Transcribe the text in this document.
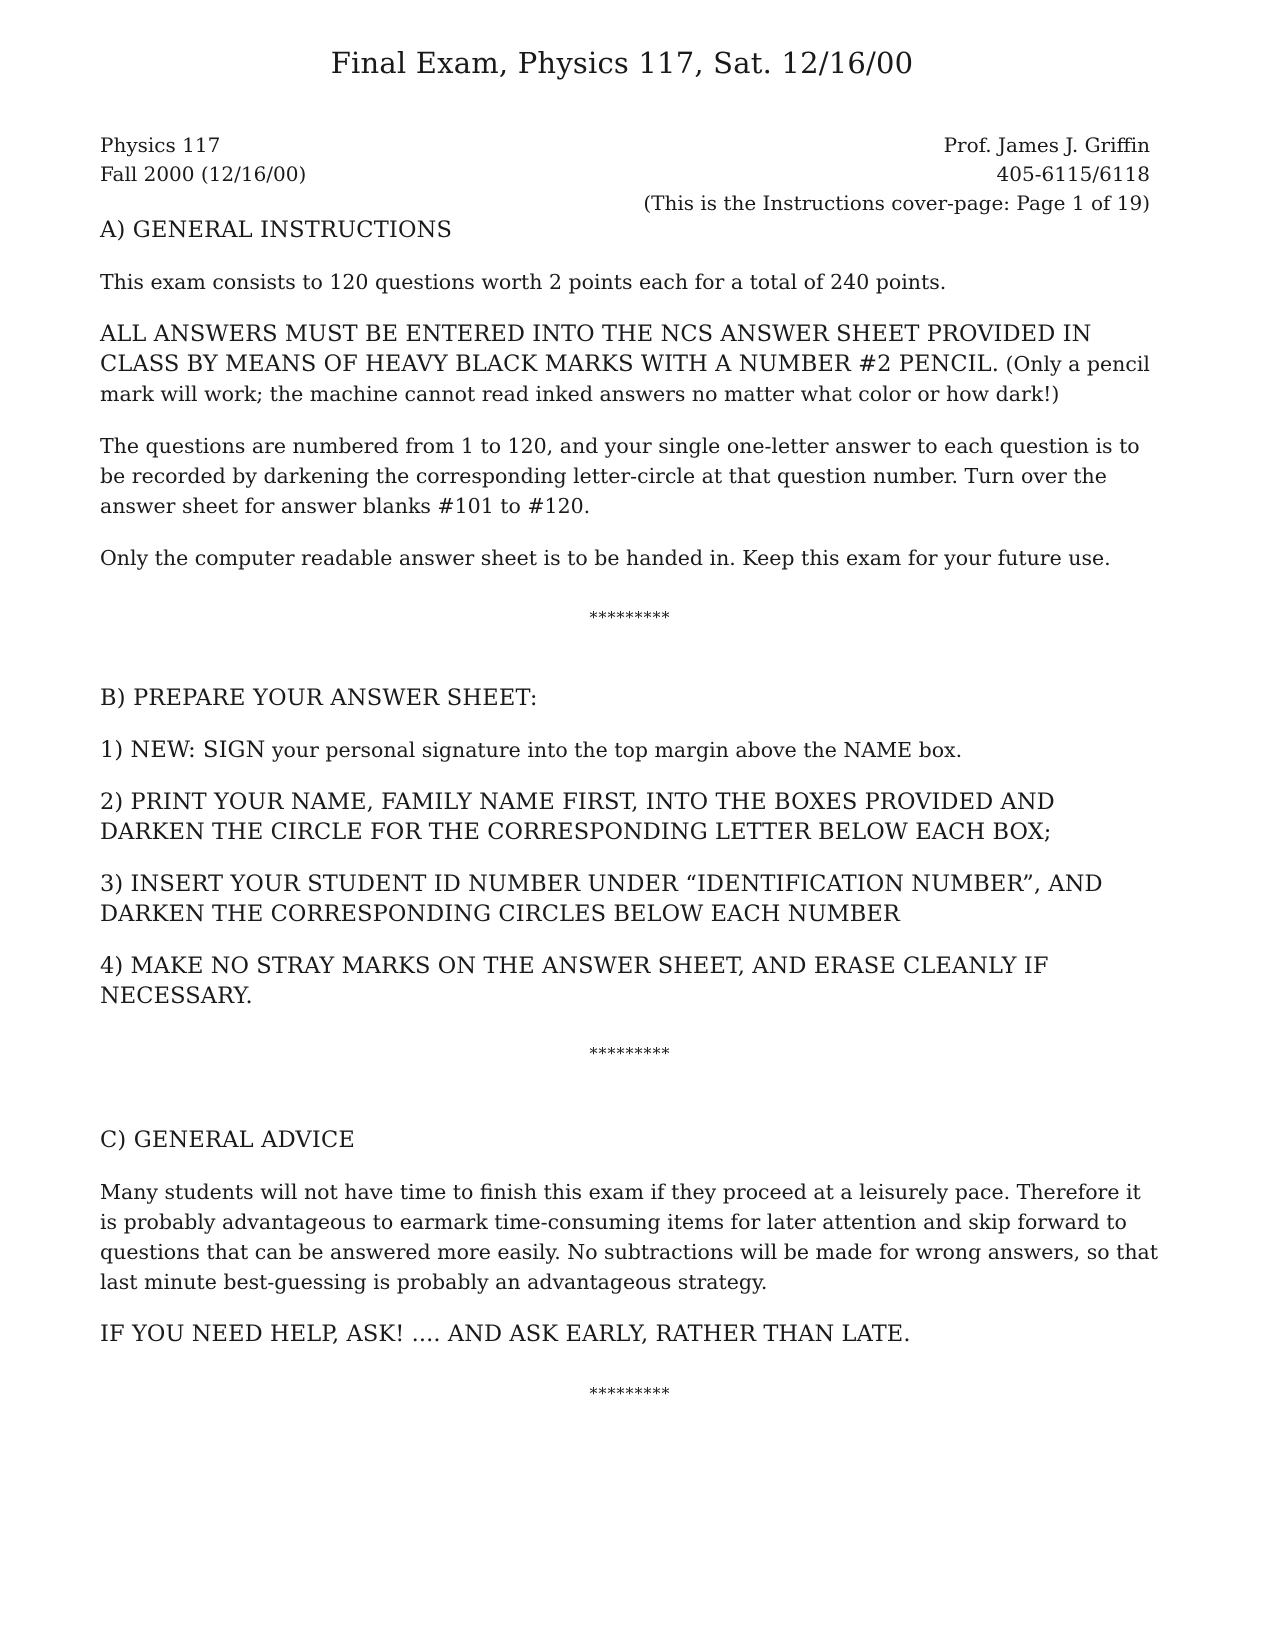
Final Exam, Physics 117, Sat. 12/16/00
Physics 117
Fall 2000 (12/16/00)
Prof. James J. Griffin
405-6115/6118
(This is the Instructions cover-page: Page 1 of 19)
A) GENERAL INSTRUCTIONS
This exam consists to 120 questions worth 2 points each for a total of 240 points.
ALL ANSWERS MUST BE ENTERED INTO THE NCS ANSWER SHEET PROVIDED IN CLASS BY MEANS OF HEAVY BLACK MARKS WITH A NUMBER #2 PENCIL. (Only a pencil mark will work; the machine cannot read inked answers no matter what color or how dark!)
The questions are numbered from 1 to 120, and your single one-letter answer to each question is to be recorded by darkening the corresponding letter-circle at that question number. Turn over the answer sheet for answer blanks #101 to #120.
Only the computer readable answer sheet is to be handed in. Keep this exam for your future use.
*********
B) PREPARE YOUR ANSWER SHEET:
1) NEW: SIGN your personal signature into the top margin above the NAME box.
2) PRINT YOUR NAME, FAMILY NAME FIRST, INTO THE BOXES PROVIDED AND DARKEN THE CIRCLE FOR THE CORRESPONDING LETTER BELOW EACH BOX;
3) INSERT YOUR STUDENT ID NUMBER UNDER “IDENTIFICATION NUMBER”, AND DARKEN THE CORRESPONDING CIRCLES BELOW EACH NUMBER
4) MAKE NO STRAY MARKS ON THE ANSWER SHEET, AND ERASE CLEANLY IF NECESSARY.
*********
C) GENERAL ADVICE
Many students will not have time to finish this exam if they proceed at a leisurely pace. Therefore it is probably advantageous to earmark time-consuming items for later attention and skip forward to questions that can be answered more easily. No subtractions will be made for wrong answers, so that last minute best-guessing is probably an advantageous strategy.
IF YOU NEED HELP, ASK! .... AND ASK EARLY, RATHER THAN LATE.
*********
